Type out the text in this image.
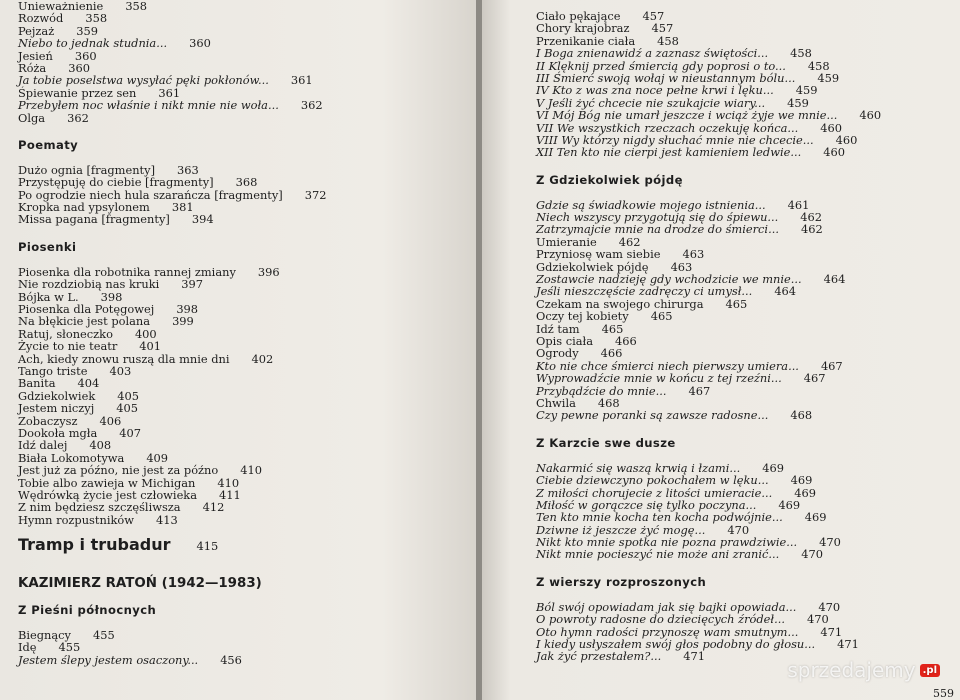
Unieważnienie 358
Rozwód 358
Pejzaż 359
Niebo to jednak studnia... 360
Jesień 360
Róża 360
Ja tobie poselstwa wysyłać pęki pokłonów... 361
Śpiewanie przez sen 361
Przebyłem noc właśnie i nikt mnie nie woła... 362
Olga 362
Poematy
Dużo ognia [fragmenty] 363
Przystępuję do ciebie [fragmenty] 368
Po ogrodzie niech hula szarańcza [fragmenty] 372
Kropka nad ypsylonem 381
Missa pagana [fragmenty] 394
Piosenki
Piosenka dla robotnika rannej zmiany 396
Nie rozdziobią nas kruki 397
Bójka w L. 398
Piosenka dla Potęgowej 398
Na błękicie jest polana 399
Ratuj, słoneczko 400
Życie to nie teatr 401
Ach, kiedy znowu ruszą dla mnie dni 402
Tango triste 403
Banita 404
Gdziekolwiek 405
Jestem niczyj 405
Zobaczysz 406
Dookoła mgła 407
Idź dalej 408
Biała Lokomotywa 409
Jest już za późno, nie jest za późno 410
Tobie albo zawieja w Michigan 410
Wędrówką życie jest człowieka 411
Z nim będziesz szczęśliwsza 412
Hymn rozpustników 413
Tramp i trubadur 415
KAZIMIERZ RATOŃ (1942—1983)
Z Pieśni północnych
Biegnący 455
Idę 455
Jestem ślepy jestem osaczony... 456
Ciało pękające 457
Chory krajobraz 457
Przenikanie ciała 458
I Boga znienawidź a zaznasz świętości... 458
II Klęknij przed śmiercią gdy poprosi o to... 458
III Śmierć swoją wołaj w nieustannym bólu... 459
IV Kto z was zna noce pełne krwi i lęku... 459
V Jeśli żyć chcecie nie szukajcie wiary... 459
VI Mój Bóg nie umarł jeszcze i wciąż żyje we mnie... 460
VII We wszystkich rzeczach oczekuję końca... 460
VIII Wy którzy nigdy słuchać mnie nie chcecie... 460
XII Ten kto nie cierpi jest kamieniem ledwie... 460
Z Gdziekolwiek pójdę
Gdzie są świadkowie mojego istnienia... 461
Niech wszyscy przygotują się do śpiewu... 462
Zatrzymajcie mnie na drodze do śmierci... 462
Umieranie 462
Przyniosę wam siebie 463
Gdziekolwiek pójdę 463
Zostawcie nadzieję gdy wchodzicie we mnie... 464
Jeśli nieszczęście zadręczy ci umysł... 464
Czekam na swojego chirurga 465
Oczy tej kobiety 465
Idź tam 465
Opis ciała 466
Ogrody 466
Kto nie chce śmierci niech pierwszy umiera... 467
Wyprowadźcie mnie w końcu z tej rzeźni... 467
Przybądźcie do mnie... 467
Chwila 468
Czy pewne poranki są zawsze radosne... 468
Z Karzcie swe dusze
Nakarmić się waszą krwią i łzami... 469
Ciebie dziewczyno pokochałem w lęku... 469
Z miłości chorujecie z litości umieracie... 469
Miłość w gorączce się tylko poczyna... 469
Ten kto mnie kocha ten kocha podwójnie... 469
Dziwne iż jeszcze żyć mogę... 470
Nikt kto mnie spotka nie pozna prawdziwie... 470
Nikt mnie pocieszyć nie może ani zranić... 470
Z wierszy rozproszonych
Ból swój opowiadam jak się bajki opowiada... 470
O powroty radosne do dziecięcych źródeł... 470
Oto hymn radości przynoszę wam smutnym... 471
I kiedy usłyszałem swój głos podobny do głosu... 471
Jak żyć przestałem?... 471
sprzedajemy .pl
559
